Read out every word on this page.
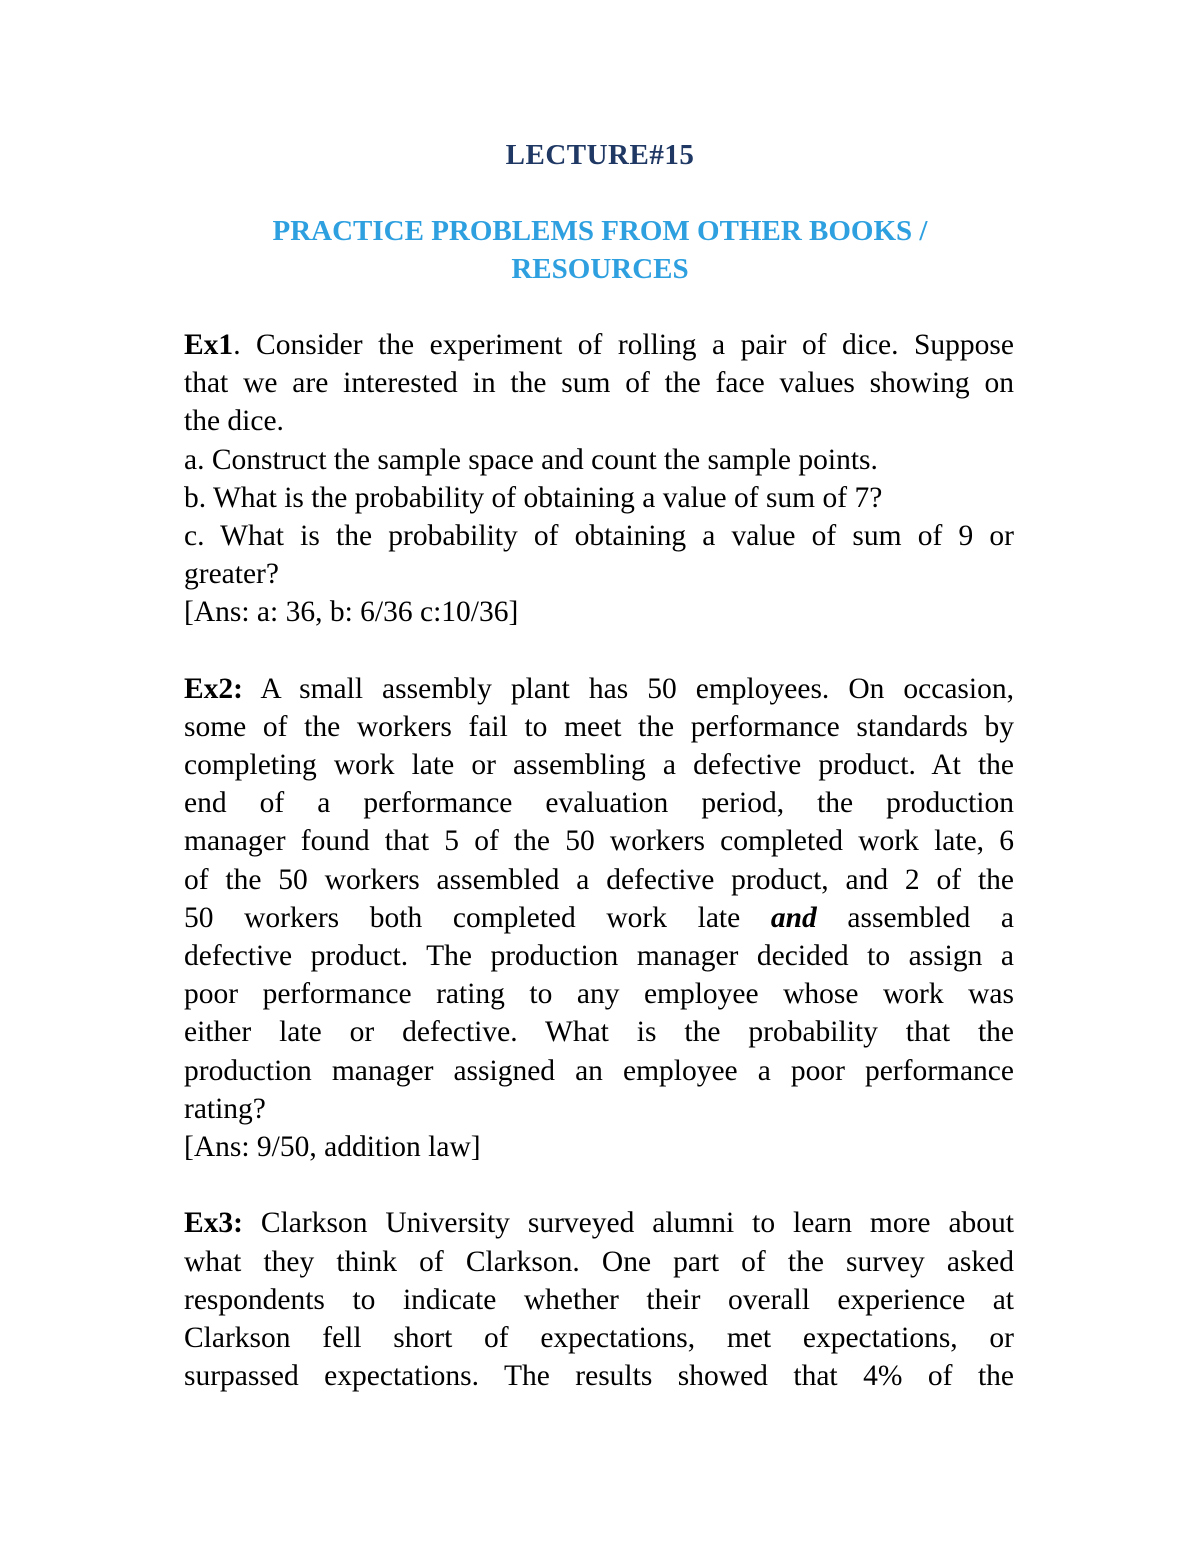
LECTURE#15
PRACTICE PROBLEMS FROM OTHER BOOKS /
RESOURCES
Ex1. Consider the experiment of rolling a pair of dice. Suppose
that we are interested in the sum of the face values showing on
the dice.
a. Construct the sample space and count the sample points.
b. What is the probability of obtaining a value of sum of 7?
c. What is the probability of obtaining a value of sum of 9 or
greater?
[Ans: a: 36, b: 6/36 c:10/36]
Ex2: A small assembly plant has 50 employees. On occasion,
some of the workers fail to meet the performance standards by
completing work late or assembling a defective product. At the
end of a performance evaluation period, the production
manager found that 5 of the 50 workers completed work late, 6
of the 50 workers assembled a defective product, and 2 of the
50 workers both completed work late and assembled a
defective product. The production manager decided to assign a
poor performance rating to any employee whose work was
either late or defective. What is the probability that the
production manager assigned an employee a poor performance
rating?
[Ans: 9/50, addition law]
Ex3: Clarkson University surveyed alumni to learn more about
what they think of Clarkson. One part of the survey asked
respondents to indicate whether their overall experience at
Clarkson fell short of expectations, met expectations, or
surpassed expectations. The results showed that 4% of the
